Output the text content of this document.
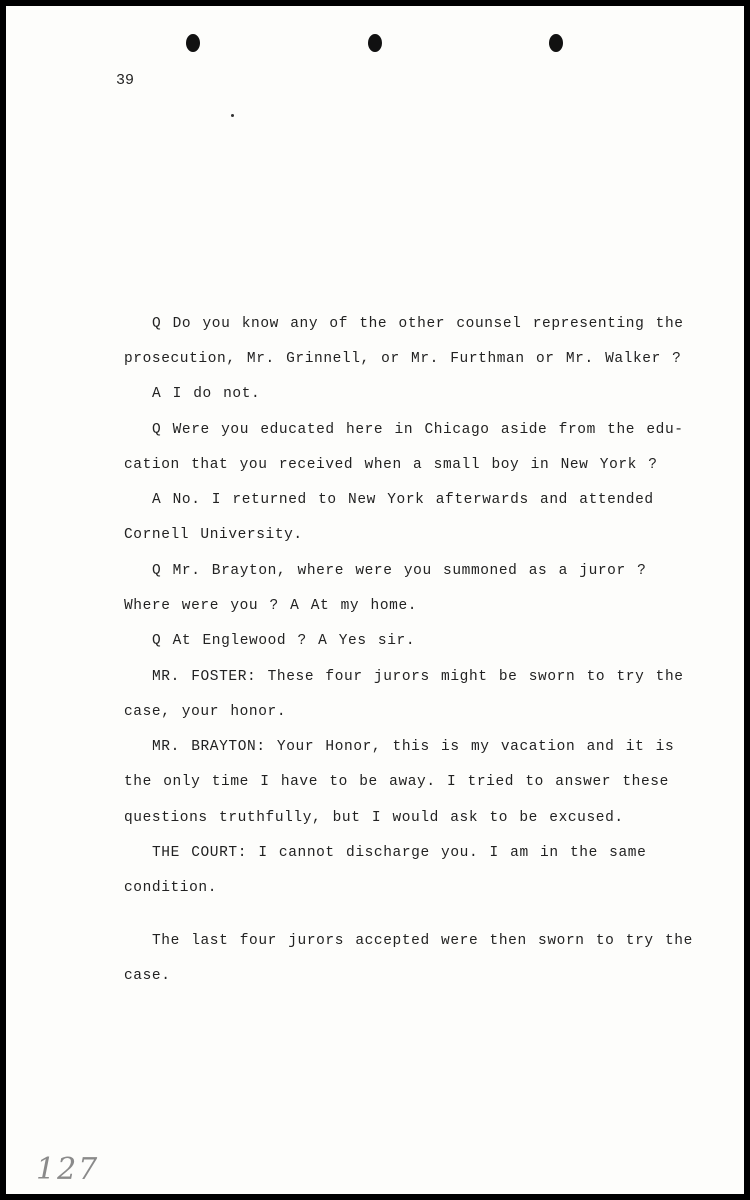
39
Q Do you know any of the other counsel representing the
prosecution, Mr. Grinnell, or Mr. Furthman or Mr. Walker ?
A I do not.
Q Were you educated here in Chicago aside from the edu-
cation that you received when a small boy in New York ?
A No. I returned to New York afterwards and attended
Cornell University.
Q Mr. Brayton, where were you summoned as a juror ?
Where were you ? A At my home.
Q At Englewood ? A Yes sir.
MR. FOSTER: These four jurors might be sworn to try the
case, your honor.
MR. BRAYTON: Your Honor, this is my vacation and it is
the only time I have to be away. I tried to answer these
questions truthfully, but I would ask to be excused.
THE COURT: I cannot discharge you. I am in the same
condition.
The last four jurors accepted were then sworn to try the
case.
127
